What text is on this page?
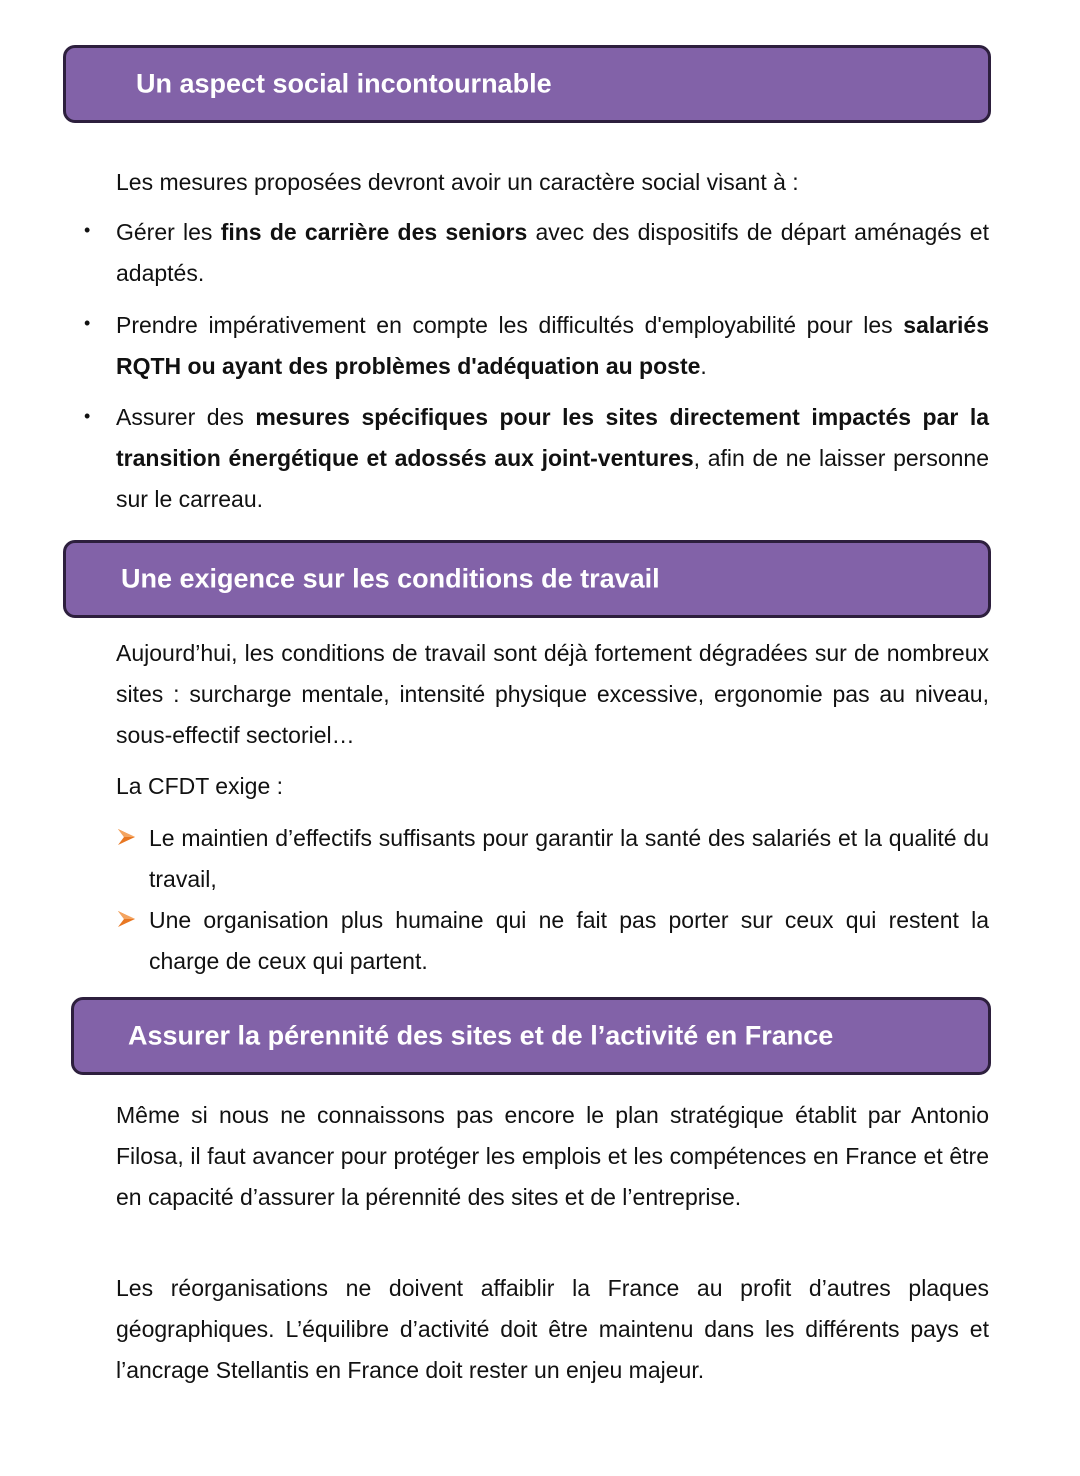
Un aspect social incontournable
Les mesures proposées devront avoir un caractère social visant à :
• Gérer les fins de carrière des seniors avec des dispositifs de départ aménagés et adaptés.
• Prendre impérativement en compte les difficultés d'employabilité pour les salariés RQTH ou ayant des problèmes d'adéquation au poste.
• Assurer des mesures spécifiques pour les sites directement impactés par la transition énergétique et adossés aux joint-ventures, afin de ne laisser personne sur le carreau.
Une exigence sur les conditions de travail
Aujourd’hui, les conditions de travail sont déjà fortement dégradées sur de nombreux sites : surcharge mentale, intensité physique excessive, ergonomie pas au niveau, sous-effectif sectoriel…
La CFDT exige :
Le maintien d’effectifs suffisants pour garantir la santé des salariés et la qualité du travail,
Une organisation plus humaine qui ne fait pas porter sur ceux qui restent la charge de ceux qui partent.
Assurer la pérennité des sites et de l’activité en France
Même si nous ne connaissons pas encore le plan stratégique établit par Antonio Filosa, il faut avancer pour protéger les emplois et les compétences en France et être en capacité d’assurer la pérennité des sites et de l’entreprise.
Les réorganisations ne doivent affaiblir la France au profit d’autres plaques géographiques. L’équilibre d’activité doit être maintenu dans les différents pays et l’ancrage Stellantis en France doit rester un enjeu majeur.
